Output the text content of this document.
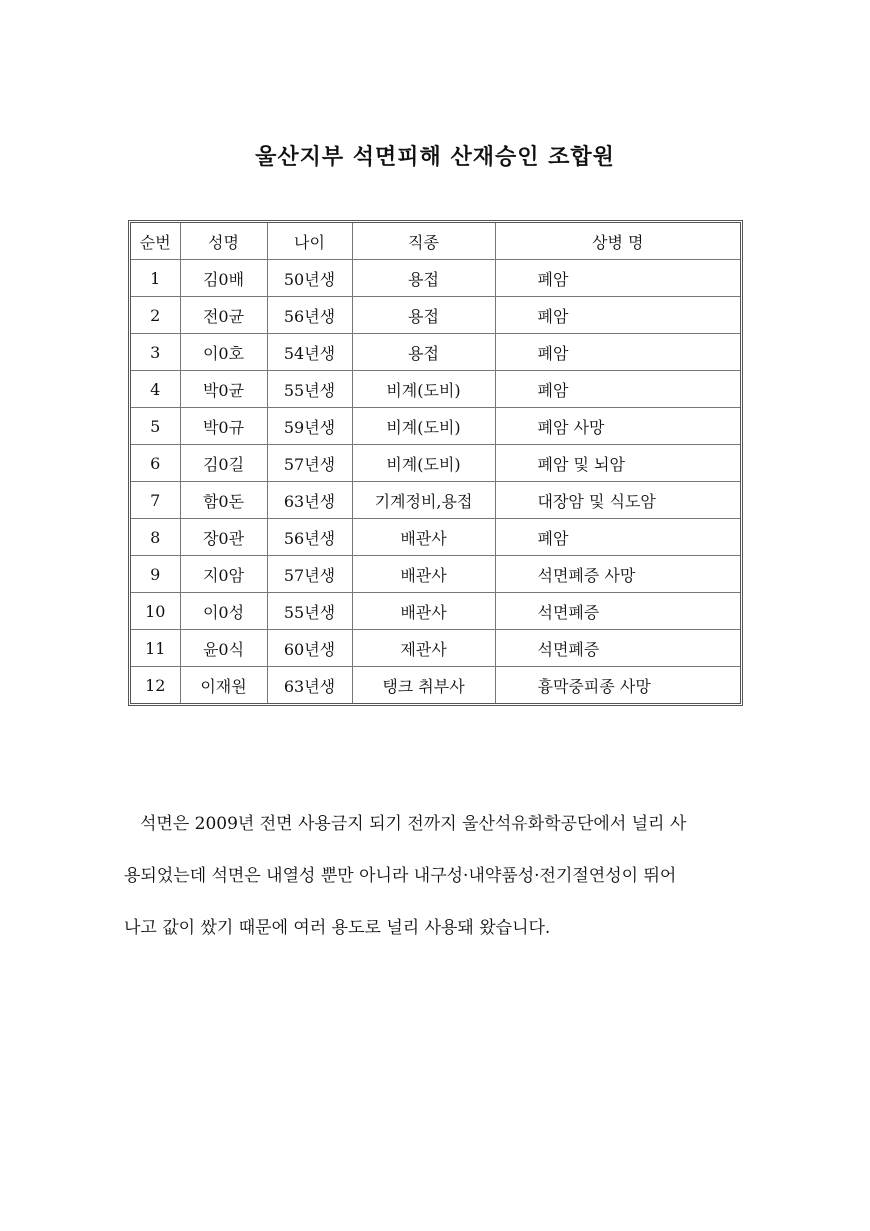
울산지부 석면피해 산재승인 조합원
순번	성명	나이	직종	상병 명
1	김0배	50년생	용접	폐암
2	전0균	56년생	용접	폐암
3	이0호	54년생	용접	폐암
4	박0균	55년생	비계(도비)	폐암
5	박0규	59년생	비계(도비)	폐암 사망
6	김0길	57년생	비계(도비)	폐암 및 뇌암
7	함0돈	63년생	기계정비,용접	대장암 및 식도암
8	장0관	56년생	배관사	폐암
9	지0암	57년생	배관사	석면폐증 사망
10	이0성	55년생	배관사	석면폐증
11	윤0식	60년생	제관사	석면폐증
12	이재원	63년생	탱크 취부사	흉막중피종 사망
석면은 2009년 전면 사용금지 되기 전까지 울산석유화학공단에서 널리 사
용되었는데 석면은 내열성 뿐만 아니라 내구성·내약품성·전기절연성이 뛰어
나고 값이 쌌기 때문에 여러 용도로 널리 사용돼 왔습니다.
